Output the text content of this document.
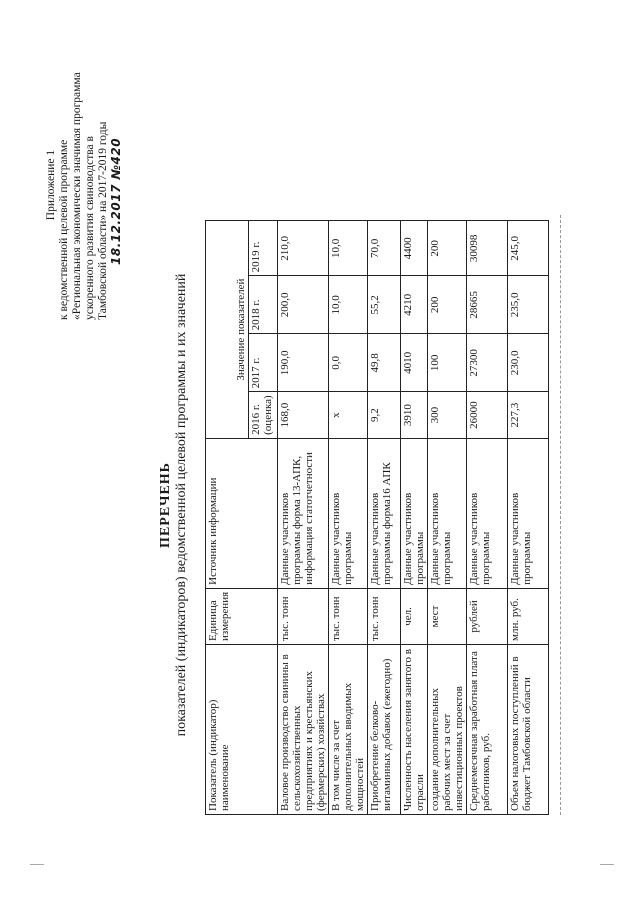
Приложение 1 к ведомственной целевой программе «Региональная экономически значимая программа ускоренного развития свиноводства в Тамбовской области» на 2017-2019 годы 18.12.2017 №420
ПЕРЕЧЕНЬ показателей (индикаторов) ведомственной целевой программы и их значений
Показатель (индикатор) наименование	Единица измерения	Источник информации	Значение показателей			
			2016 г. (оценка)	2017 г.	2018 г.	2019 г.
Валовое производство свинины в сельскохозяйственных предприятиях и крестьянских (фермерских) хозяйствах	тыс. тонн	Данные участников программы форма 13-АПК, информация статотчетности	168,0	190,0	200,0	210,0
В том числе за счет дополнительных вводимых мощностей	тыс. тонн	Данные участников программы	x	0,0	10,0	10,0
Приобретение белково-витаминных добавок (ежегодно)	тыс. тонн	Данные участников программы форма16 АПК	9,2	49,8	55,2	70,0
Численность населения занятого в отрасли	чел.	Данные участников программы	3910	4010	4210	4400
создание дополнительных рабочих мест за счет инвестиционных проектов	мест	Данные участников программы	300	100	200	200
Среднемесячная заработная плата работников, руб.	рублей	Данные участников программы	26000	27300	28665	30098
Объем налоговых поступлений в бюджет Тамбовской области	млн. руб.	Данные участников программы	227,3	230,0	235,0	245,0
